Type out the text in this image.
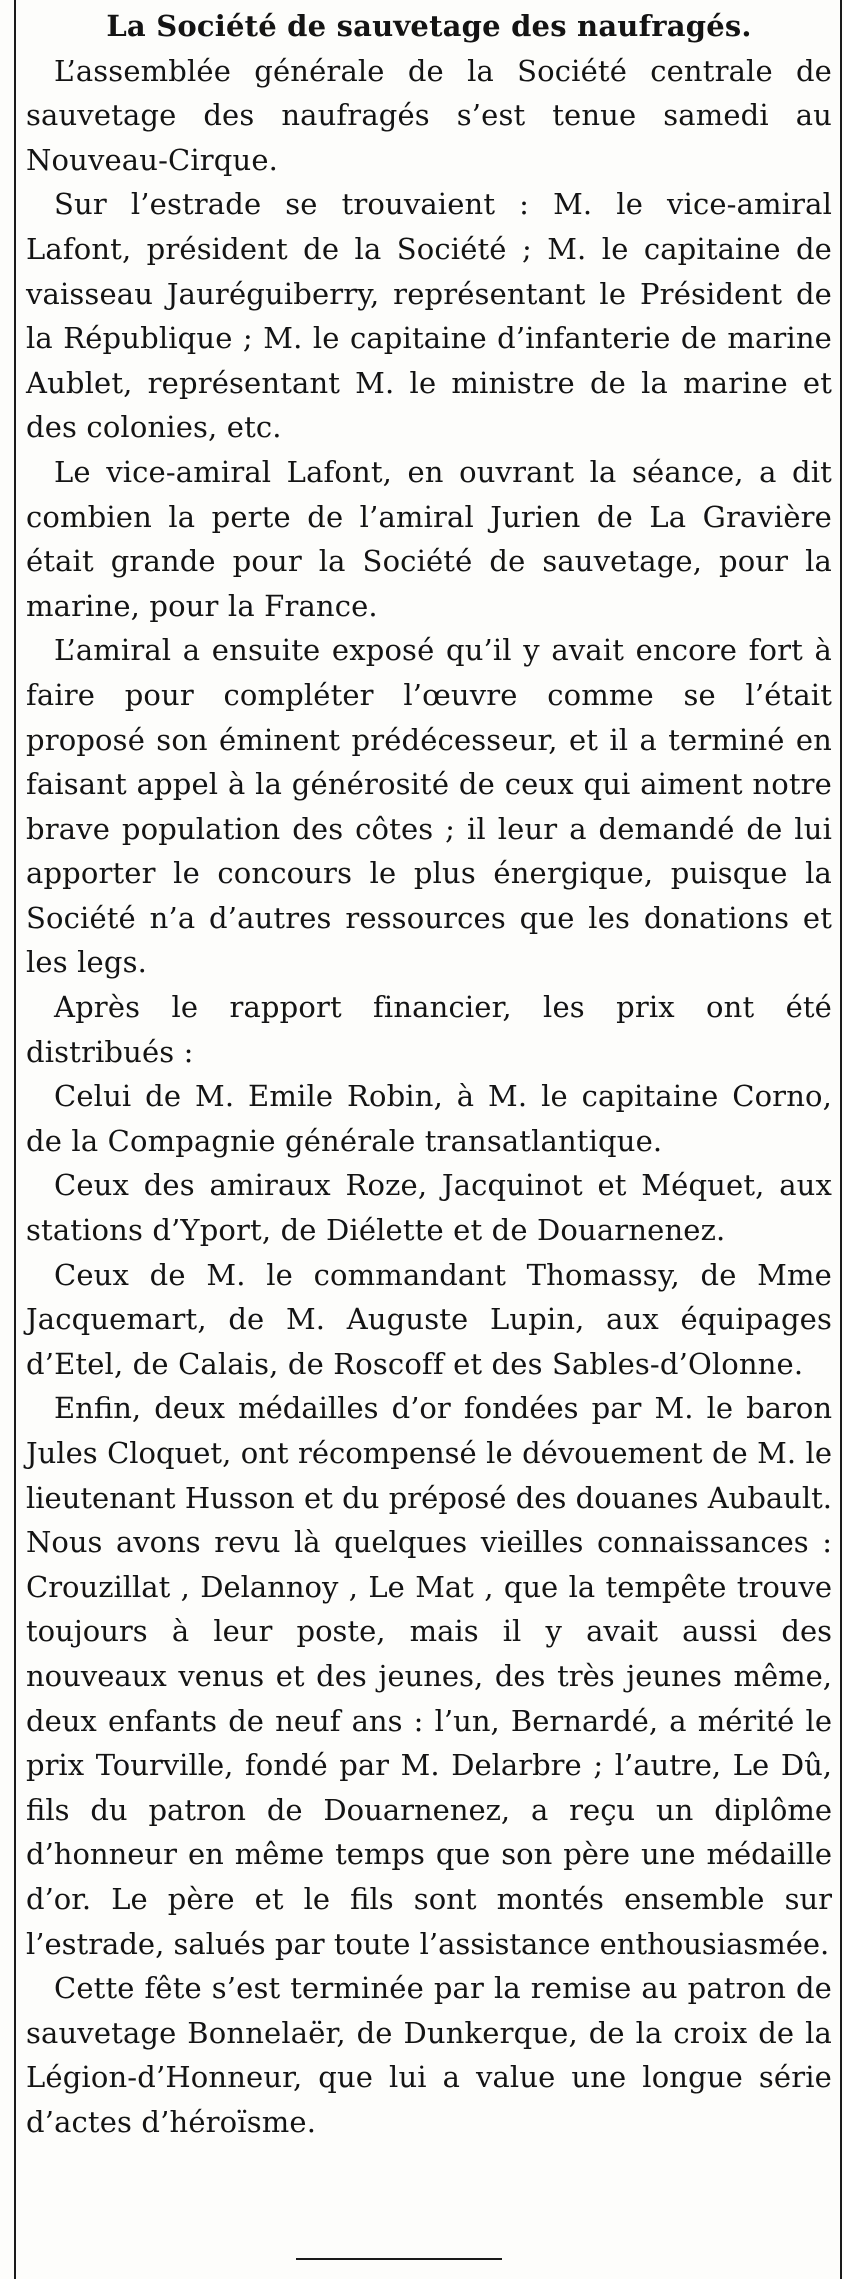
La Société de sauvetage des naufragés.

L’assemblée générale de la Société centrale de sauvetage des naufragés s’est tenue samedi au Nouveau-Cirque.

Sur l’estrade se trouvaient : M. le vice-amiral Lafont, président de la Société ; M. le capitaine de vaisseau Jauréguiberry, représentant le Président de la République ; M. le capitaine d’infanterie de marine Aublet, représentant M. le ministre de la marine et des colonies, etc.

Le vice-amiral Lafont, en ouvrant la séance, a dit combien la perte de l’amiral Jurien de La Gravière était grande pour la Société de sauvetage, pour la marine, pour la France.

L’amiral a ensuite exposé qu’il y avait encore fort à faire pour compléter l’œuvre comme se l’était proposé son éminent prédécesseur, et il a terminé en faisant appel à la générosité de ceux qui aiment notre brave population des côtes ; il leur a demandé de lui apporter le concours le plus énergique, puisque la Société n’a d’autres ressources que les donations et les legs.

Après le rapport financier, les prix ont été distribués :

Celui de M. Emile Robin, à M. le capitaine Corno, de la Compagnie générale transatlantique.

Ceux des amiraux Roze, Jacquinot et Méquet, aux stations d’Yport, de Diélette et de Douarnenez.

Ceux de M. le commandant Thomassy, de Mme Jacquemart, de M. Auguste Lupin, aux équipages d’Etel, de Calais, de Roscoff et des Sables-d’Olonne.

Enfin, deux médailles d’or fondées par M. le baron Jules Cloquet, ont récompensé le dévouement de M. le lieutenant Husson et du préposé des douanes Aubault. Nous avons revu là quelques vieilles connaissances : Crouzillat , Delannoy , Le Mat , que la tempête trouve toujours à leur poste, mais il y avait aussi des nouveaux venus et des jeunes, des très jeunes même, deux enfants de neuf ans : l’un, Bernardé, a mérité le prix Tourville, fondé par M. Delarbre ; l’autre, Le Dû, fils du patron de Douarnenez, a reçu un diplôme d’honneur en même temps que son père une médaille d’or. Le père et le fils sont montés ensemble sur l’estrade, salués par toute l’assistance enthousiasmée.

Cette fête s’est terminée par la remise au patron de sauvetage Bonnelaër, de Dunkerque, de la croix de la Légion-d’Honneur, que lui a value une longue série d’actes d’héroïsme.
